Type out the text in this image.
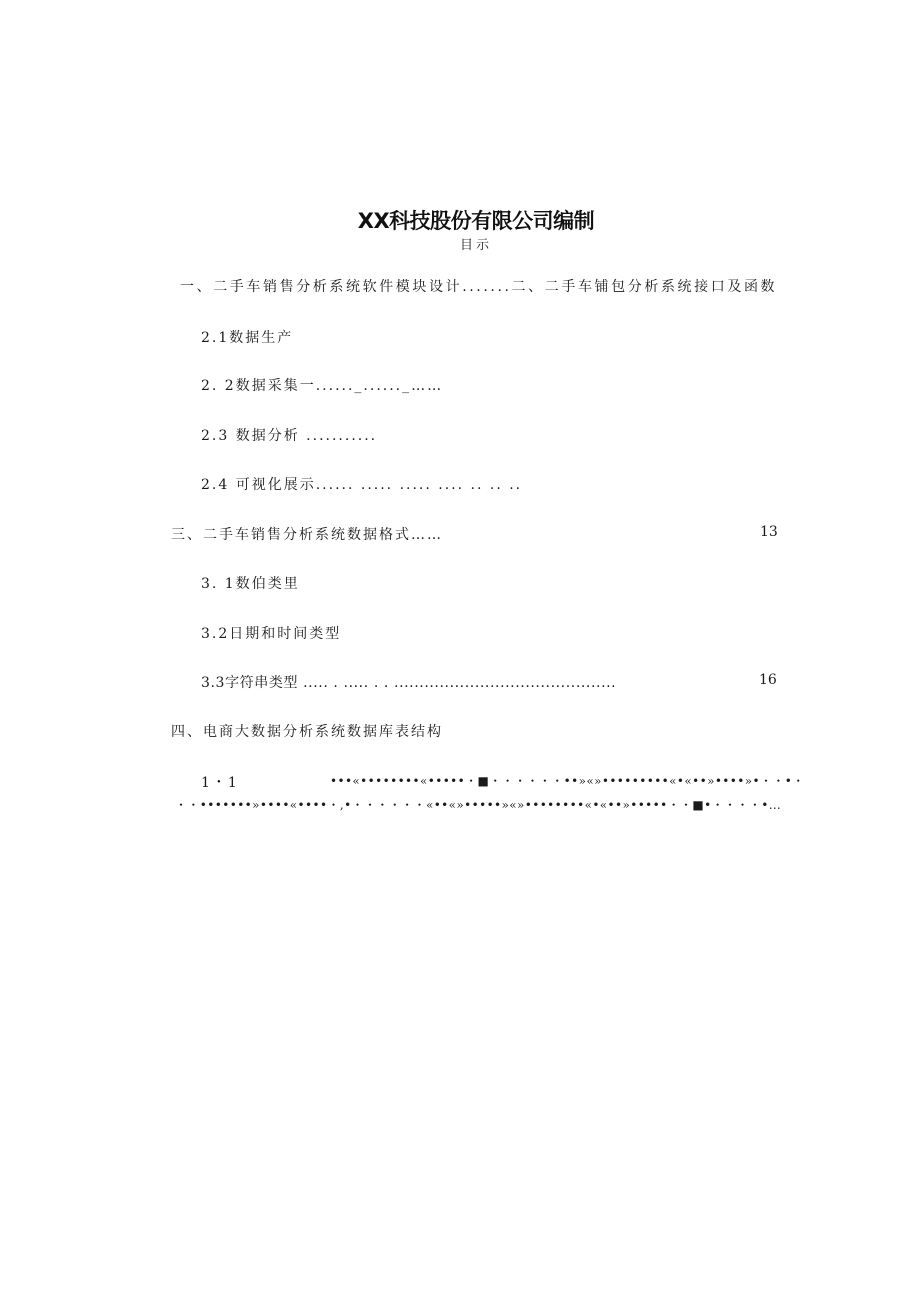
XX科技股份有限公司编制
目示
一、二手车销售分析系统软件模块设计.......二、二手车铺包分析系统接口及函数
2.1数据生产
2. 2数据采集一......_......_……
2.3 数据分析 ...........
2.4 可视化展示...... ..... ..... .... .. .. ..
三、二手车销售分析系统数据格式……	13
3. 1数伯类里
3.2日期和时间类型
3.3字符串类型 ..... . ..... . . ............................................	16
四、电商大数据分析系统数据库表结构
1・1	•••«••••••••«•••••・■・・・・・・••»«»•••••••••«•«••»••••»•・・•・
・・•••••••»••••«••••・,•・・・・・・«••«»•••••»«»••••••••«•«••»•••••・・■•・・・・•…
